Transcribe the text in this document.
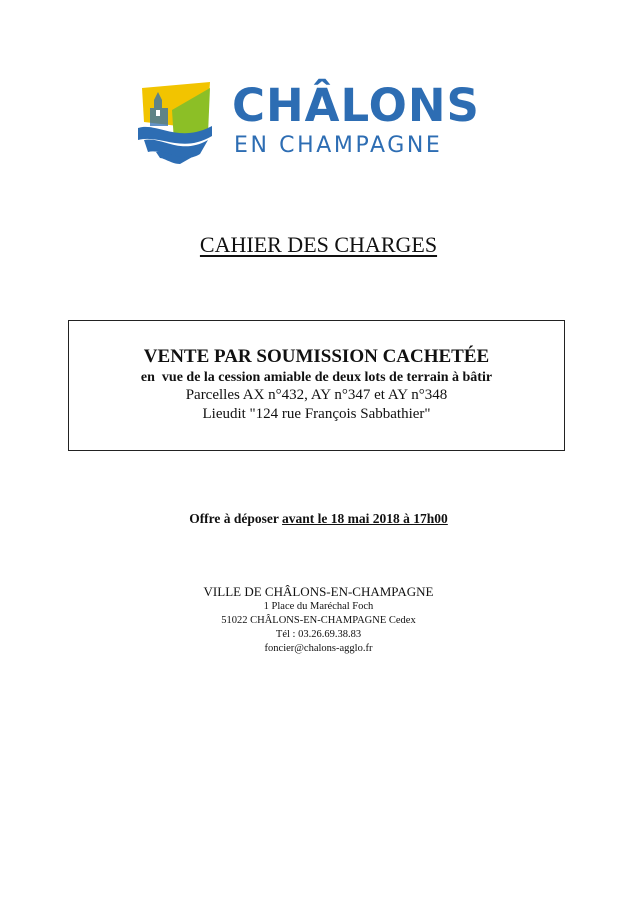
CHÂLONS
EN CHAMPAGNE
CAHIER DES CHARGES
VENTE PAR SOUMISSION CACHETÉE
en  vue de la cession amiable de deux lots de terrain à bâtir
Parcelles AX n°432, AY n°347 et AY n°348
Lieudit "124 rue François Sabbathier"
Offre à déposer avant le 18 mai 2018 à 17h00
VILLE DE CHÂLONS-EN-CHAMPAGNE
1 Place du Maréchal Foch
51022 CHÂLONS-EN-CHAMPAGNE Cedex
Tél : 03.26.69.38.83
foncier@chalons-agglo.fr
